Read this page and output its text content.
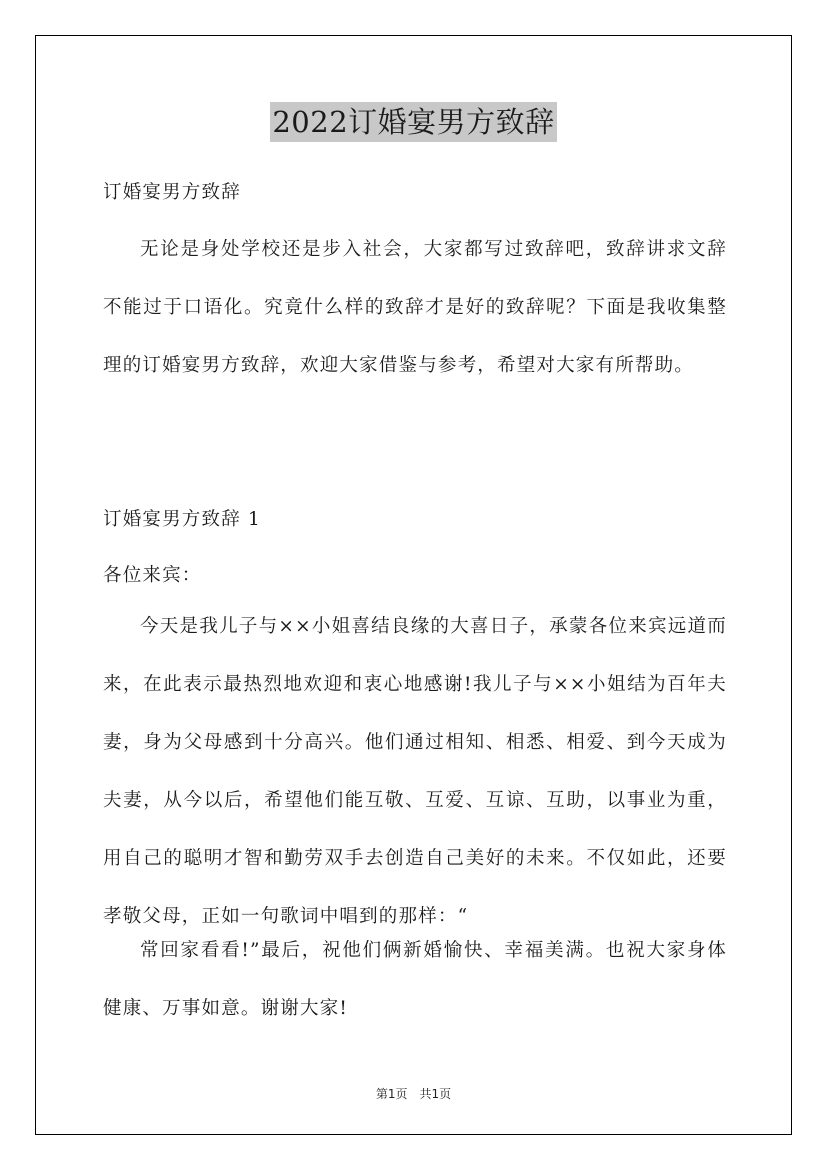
2022订婚宴男方致辞
订婚宴男方致辞
无论是身处学校还是步入社会，大家都写过致辞吧，致辞讲求文辞不能过于口语化。究竟什么样的致辞才是好的致辞呢？下面是我收集整理的订婚宴男方致辞，欢迎大家借鉴与参考，希望对大家有所帮助。
订婚宴男方致辞 1
各位来宾：
今天是我儿子与××小姐喜结良缘的大喜日子，承蒙各位来宾远道而来，在此表示最热烈地欢迎和衷心地感谢!我儿子与××小姐结为百年夫妻，身为父母感到十分高兴。他们通过相知、相悉、相爱、到今天成为夫妻，从今以后，希望他们能互敬、互爱、互谅、互助，以事业为重，用自己的聪明才智和勤劳双手去创造自己美好的未来。不仅如此，还要孝敬父母，正如一句歌词中唱到的那样：“
常回家看看!”最后，祝他们俩新婚愉快、幸福美满。也祝大家身体健康、万事如意。谢谢大家!
第1页　共1页
